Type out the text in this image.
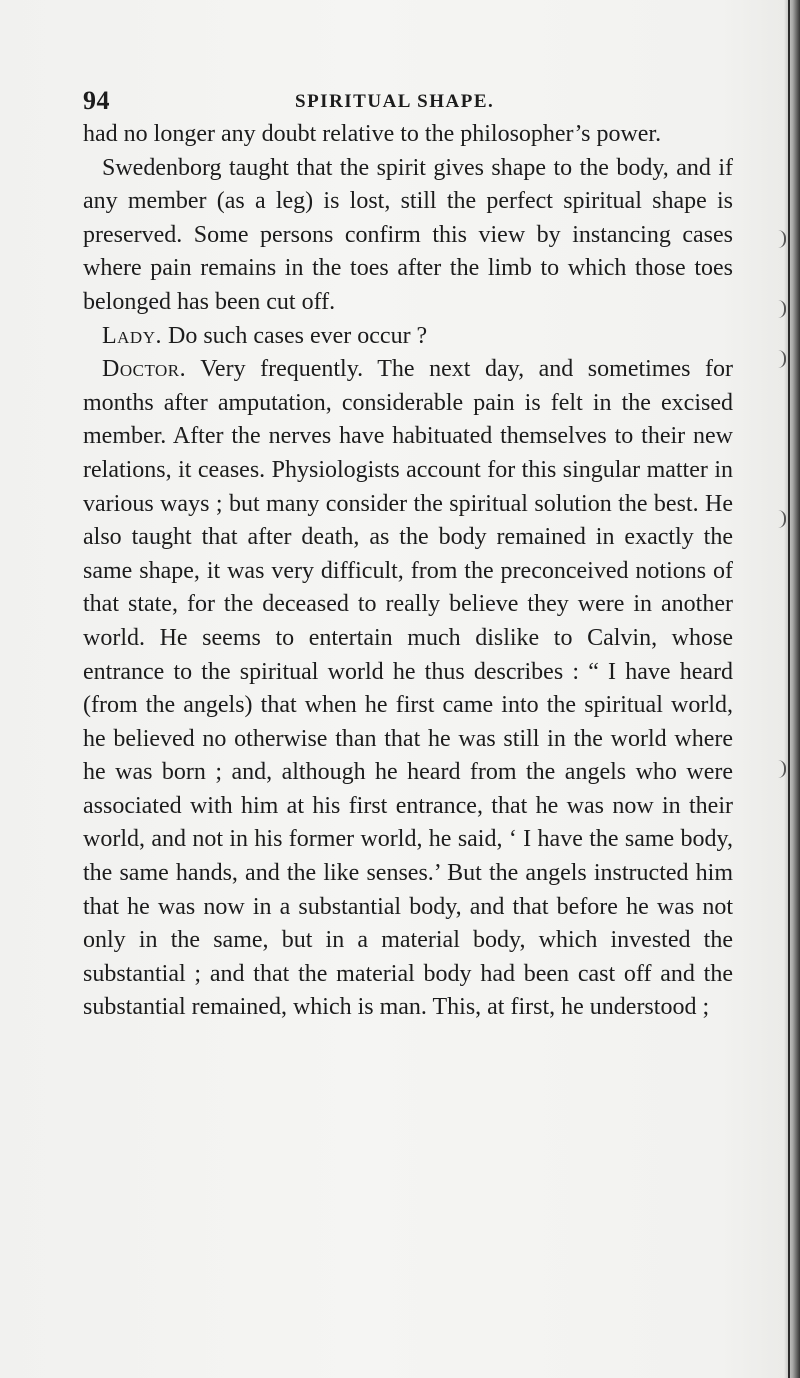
94	SPIRITUAL SHAPE.

had no longer any doubt relative to the philosopher’s power.

Swedenborg taught that the spirit gives shape to the body, and if any member (as a leg) is lost, still the perfect spiritual shape is preserved. Some persons confirm this view by instancing cases where pain remains in the toes after the limb to which those toes belonged has been cut off.

Lady. Do such cases ever occur ?

Doctor. Very frequently. The next day, and sometimes for months after amputation, considerable pain is felt in the excised member. After the nerves have habituated themselves to their new relations, it ceases. Physiologists account for this singular matter in various ways ; but many consider the spiritual solution the best. He also taught that after death, as the body remained in exactly the same shape, it was very difficult, from the preconceived notions of that state, for the deceased to really believe they were in another world. He seems to entertain much dislike to Calvin, whose entrance to the spiritual world he thus describes : “ I have heard (from the angels) that when he first came into the spiritual world, he believed no otherwise than that he was still in the world where he was born ; and, although he heard from the angels who were associated with him at his first entrance, that he was now in their world, and not in his former world, he said, ‘ I have the same body, the same hands, and the like senses.’ But the angels instructed him that he was now in a substantial body, and that before he was not only in the same, but in a material body, which invested the substantial ; and that the material body had been cast off and the substantial remained, which is man. This, at first, he understood ;
